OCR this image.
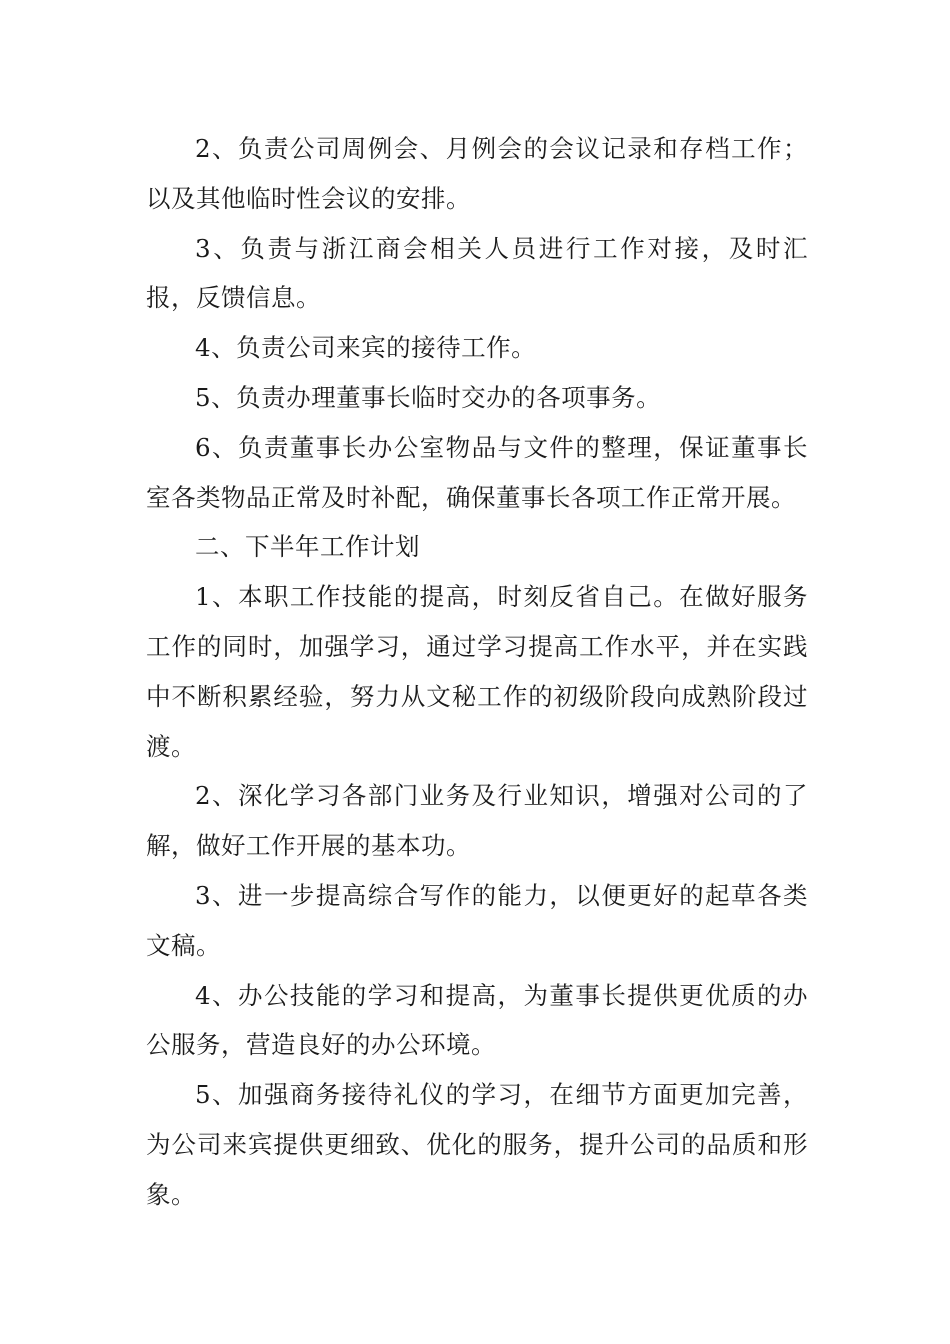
2、负责公司周例会、月例会的会议记录和存档工作；以及其他临时性会议的安排。

3、负责与浙江商会相关人员进行工作对接，及时汇报，反馈信息。

4、负责公司来宾的接待工作。

5、负责办理董事长临时交办的各项事务。

6、负责董事长办公室物品与文件的整理，保证董事长室各类物品正常及时补配，确保董事长各项工作正常开展。

二、下半年工作计划

1、本职工作技能的提高，时刻反省自己。在做好服务工作的同时，加强学习，通过学习提高工作水平，并在实践中不断积累经验，努力从文秘工作的初级阶段向成熟阶段过渡。

2、深化学习各部门业务及行业知识，增强对公司的了解，做好工作开展的基本功。

3、进一步提高综合写作的能力，以便更好的起草各类文稿。

4、办公技能的学习和提高，为董事长提供更优质的办公服务，营造良好的办公环境。

5、加强商务接待礼仪的学习，在细节方面更加完善，为公司来宾提供更细致、优化的服务，提升公司的品质和形象。
